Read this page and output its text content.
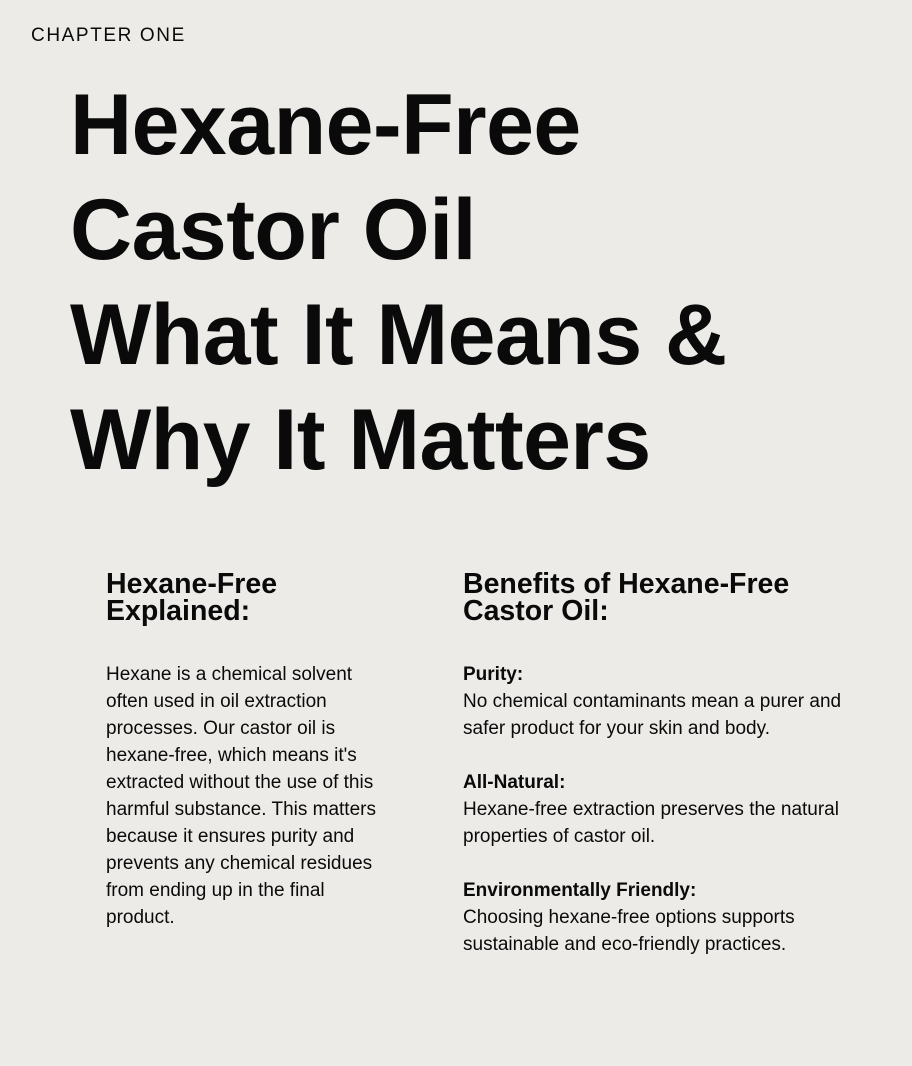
CHAPTER ONE

Hexane-Free
Castor Oil
What It Means &
Why It Matters
Hexane-Free Explained:

Hexane is a chemical solvent often used in oil extraction processes. Our castor oil is hexane-free, which means it's extracted without the use of this harmful substance. This matters because it ensures purity and prevents any chemical residues from ending up in the final product.

Benefits of Hexane-Free Castor Oil:

Purity:
No chemical contaminants mean a purer and safer product for your skin and body.

All-Natural:
Hexane-free extraction preserves the natural properties of castor oil.

Environmentally Friendly:
Choosing hexane-free options supports sustainable and eco-friendly practices.
